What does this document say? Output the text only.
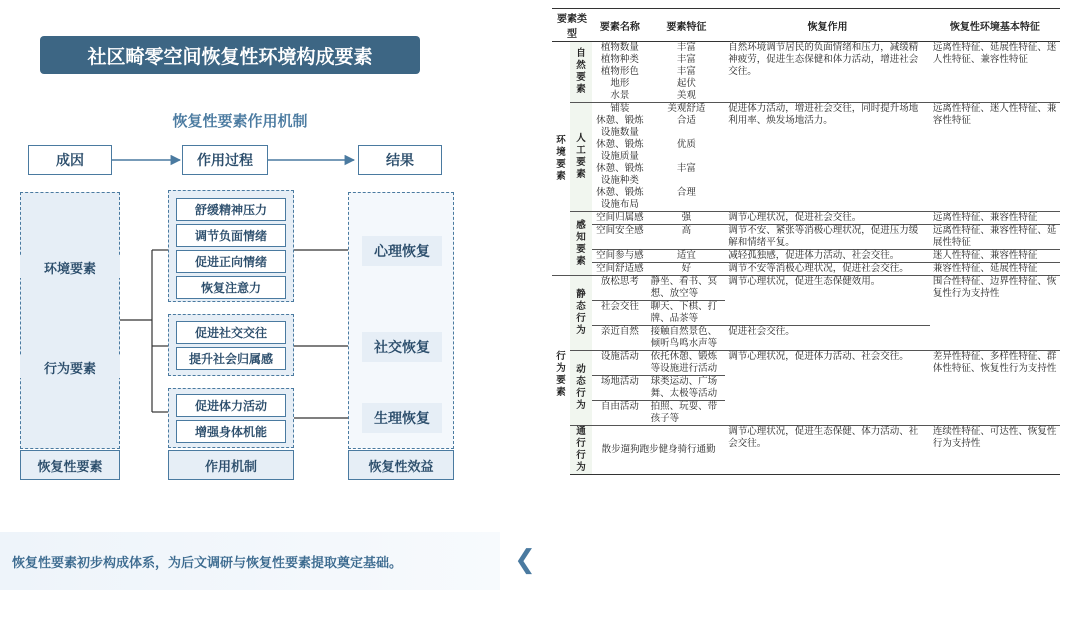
社区畸零空间恢复性环境构成要素
恢复性要素作用机制
成因	作用过程	结果
环境要素
行为要素
恢复性要素
舒缓精神压力
调节负面情绪
促进正向情绪
恢复注意力
促进社交交往
提升社会归属感
促进体力活动
增强身体机能
作用机制
心理恢复
社交恢复
生理恢复
恢复性效益
恢复性要素初步构成体系，为后文调研与恢复性要素提取奠定基础。	❮
要素类型		要素名称	要素特征	恢复作用	恢复性环境基本特征
环境要素	自然要素	植物数量	丰富	自然环境调节居民的负面情绪和压力，减缓精神疲劳，促进生态保健和体力活动，增进社会交往。	远离性特征、延展性特征、迷人性特征、兼容性特征
		植物种类	丰富		
		植物形色	丰富		
		地形	起伏		
		水景	美观		
	人工要素	铺装	美观舒适	促进体力活动，增进社会交往，同时提升场地利用率、焕发场地活力。	远离性特征、迷人性特征、兼容性特征
		休憩、锻炼设施数量	合适		
		休憩、锻炼设施质量	优质		
		休憩、锻炼设施种类	丰富		
		休憩、锻炼设施布局	合理		
	感知要素	空间归属感	强	调节心理状况，促进社会交往。	远离性特征、兼容性特征
		空间安全感	高	调节不安、紧张等消极心理状况，促进压力缓解和情绪平复。	远离性特征、兼容性特征、延展性特征
		空间参与感	适宜	减轻孤独感，促进体力活动、社会交往。	迷人性特征、兼容性特征
		空间舒适感	好	调节不安等消极心理状况，促进社会交往。	兼容性特征、延展性特征
行为要素	静态行为	放松思考	静坐、看书、冥想、放空等	调节心理状况，促进生态保健效用。	围合性特征、边界性特征、恢复性行为支持性
		社会交往	聊天、下棋、打牌、品茶等		
		亲近自然	接触自然景色、倾听鸟鸣水声等	促进社会交往。	
	动态行为	设施活动	依托休憩、锻炼等设施进行活动	调节心理状况，促进体力活动、社会交往。	差异性特征、多样性特征、群体性特征、恢复性行为支持性
		场地活动	球类运动、广场舞、太极等活动		
		自由活动	拍照、玩耍、带孩子等		
	通行行为	散步遛狗跑步健身骑行通勤		调节心理状况，促进生态保健、体力活动、社会交往。	连续性特征、可达性、恢复性行为支持性
